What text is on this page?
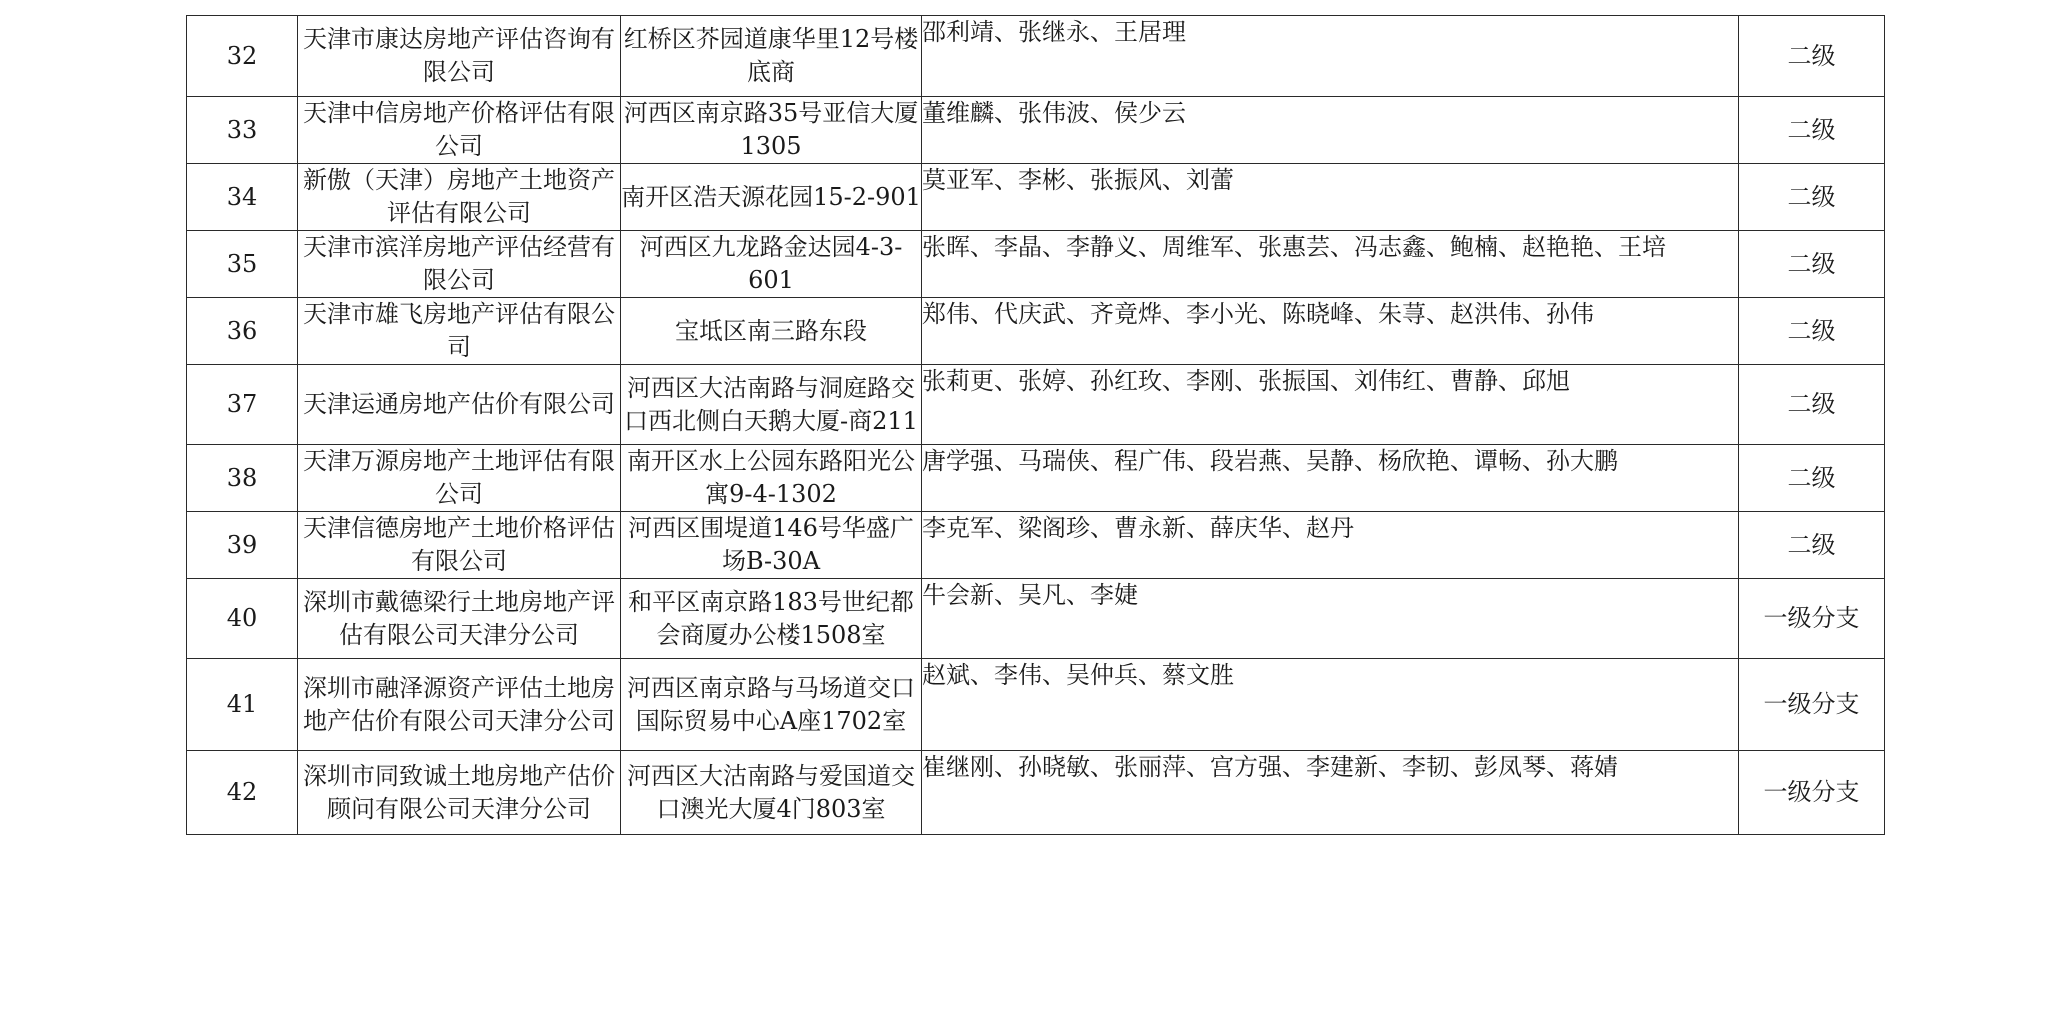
32	天津市康达房地产评估咨询有限公司	红桥区芥园道康华里12号楼底商	邵利靖、张继永、王居理	二级

33	天津中信房地产价格评估有限公司	河西区南京路35号亚信大厦1305	董维麟、张伟波、侯少云	二级

34	新傲（天津）房地产土地资产评估有限公司	南开区浩天源花园15-2-901	莫亚军、李彬、张振风、刘蕾	二级

35	天津市滨洋房地产评估经营有限公司	河西区九龙路金达园4-3-601	张晖、李晶、李静义、周维军、张惠芸、冯志鑫、鲍楠、赵艳艳、王培	二级

36	天津市雄飞房地产评估有限公司	宝坻区南三路东段	郑伟、代庆武、齐竟烨、李小光、陈晓峰、朱荨、赵洪伟、孙伟	二级

37	天津运通房地产估价有限公司	河西区大沽南路与洞庭路交口西北侧白天鹅大厦-商211	张莉更、张婷、孙红玫、李刚、张振国、刘伟红、曹静、邱旭	二级

38	天津万源房地产土地评估有限公司	南开区水上公园东路阳光公寓9-4-1302	唐学强、马瑞侠、程广伟、段岩燕、吴静、杨欣艳、谭畅、孙大鹏	二级

39	天津信德房地产土地价格评估有限公司	河西区围堤道146号华盛广场B-30A	李克军、梁阁珍、曹永新、薛庆华、赵丹	二级

40	深圳市戴德梁行土地房地产评估有限公司天津分公司	和平区南京路183号世纪都会商厦办公楼1508室	牛会新、吴凡、李婕	一级分支

41	深圳市融泽源资产评估土地房地产估价有限公司天津分公司	河西区南京路与马场道交口国际贸易中心A座1702室	赵斌、李伟、吴仲兵、蔡文胜	一级分支

42	深圳市同致诚土地房地产估价顾问有限公司天津分公司	河西区大沽南路与爱国道交口澳光大厦4门803室	崔继刚、孙晓敏、张丽萍、宫方强、李建新、李韧、彭凤琴、蒋婧	一级分支
